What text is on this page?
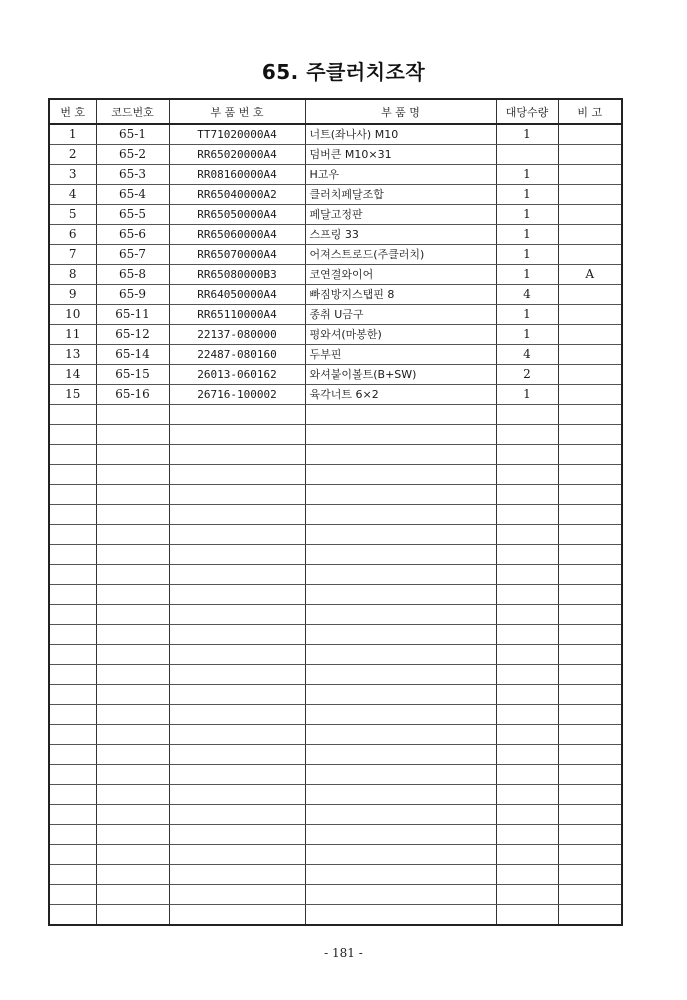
65. 주클러치조작
번 호	코드번호	부 품 번 호	부 품 명	대당수량	비 고
1	65-1	TT71020000A4	너트(좌나사) M10	1	
2	65-2	RR65020000A4	덤버큰 M10×31		
3	65-3	RR08160000A4	H고우	1	
4	65-4	RR65040000A2	클러치페달조합	1	
5	65-5	RR65050000A4	페달고정판	1	
6	65-6	RR65060000A4	스프링 33	1	
7	65-7	RR65070000A4	어져스트로드(주클러치)	1	
8	65-8	RR65080000B3	코연결와이어	1	A
9	65-9	RR64050000A4	빠짐방지스탭핀 8	4	
10	65-11	RR65110000A4	종취 U금구	1	
11	65-12	22137-080000	평와셔(마봉한)	1	
13	65-14	22487-080160	두부핀	4	
14	65-15	26013-060162	와셔붙이볼트(B+SW)	2	
15	65-16	26716-100002	육각너트 6×2	1	

- 181 -
